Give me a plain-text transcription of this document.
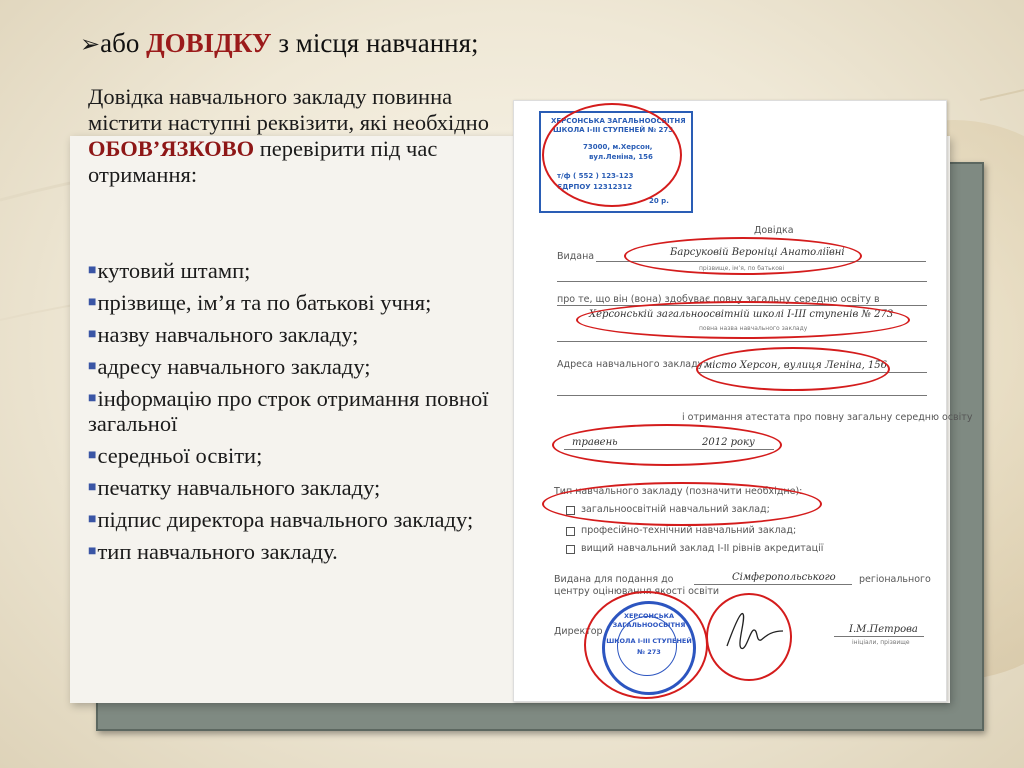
➢або ДОВІДКУ з місця навчання;
Довідка навчального закладу повинна містити наступні реквізити, які необхідно ОБОВ’ЯЗКОВО перевірити під час отримання:
■кутовий штамп;
■прізвище, ім’я та по батькові учня;
■назву навчального закладу;
■адресу навчального закладу;
■інформацію про строк отримання повної загальної
■середньої освіти;
■печатку навчального закладу;
■підпис директора навчального закладу;
■тип навчального закладу.
ХЕРСОНСЬКА ЗАГАЛЬНООСВІТНЯ
ШКОЛА І-ІІІ СТУПЕНЕЙ № 273
73000, м.Херсон,
вул.Леніна, 156
т/ф ( 552 ) 123-123
ЄДРПОУ 12312312
20 р.
Довідка
Видана	Барсуковій Вероніці Анатоліївні
прізвище, ім’я, по батькові
про те, що він (вона) здобуває повну загальну середню освіту в
Херсонській загальноосвітній школі І-ІІІ ступенів № 273
повна назва навчального закладу
Адреса навчального закладу:
місто Херсон, вулиця Леніна, 156
і отримання атестата про повну загальну середню освіту
травень	2012 року
Тип навчального закладу (позначити необхідне):
загальноосвітній навчальний заклад;
професійно-технічний навчальний заклад;
вищий навчальний заклад І-ІІ рівнів акредитації
Видана для подання до	Сімферопольського регіонального
центру оцінювання якості освіти
Директор	І.М.Петрова
ініціали, прізвище
ХЕРСОНСЬКА
ЗАГАЛЬНООСВІТНЯ
ШКОЛА І-ІІІ СТУПЕНЕЙ
№ 273
